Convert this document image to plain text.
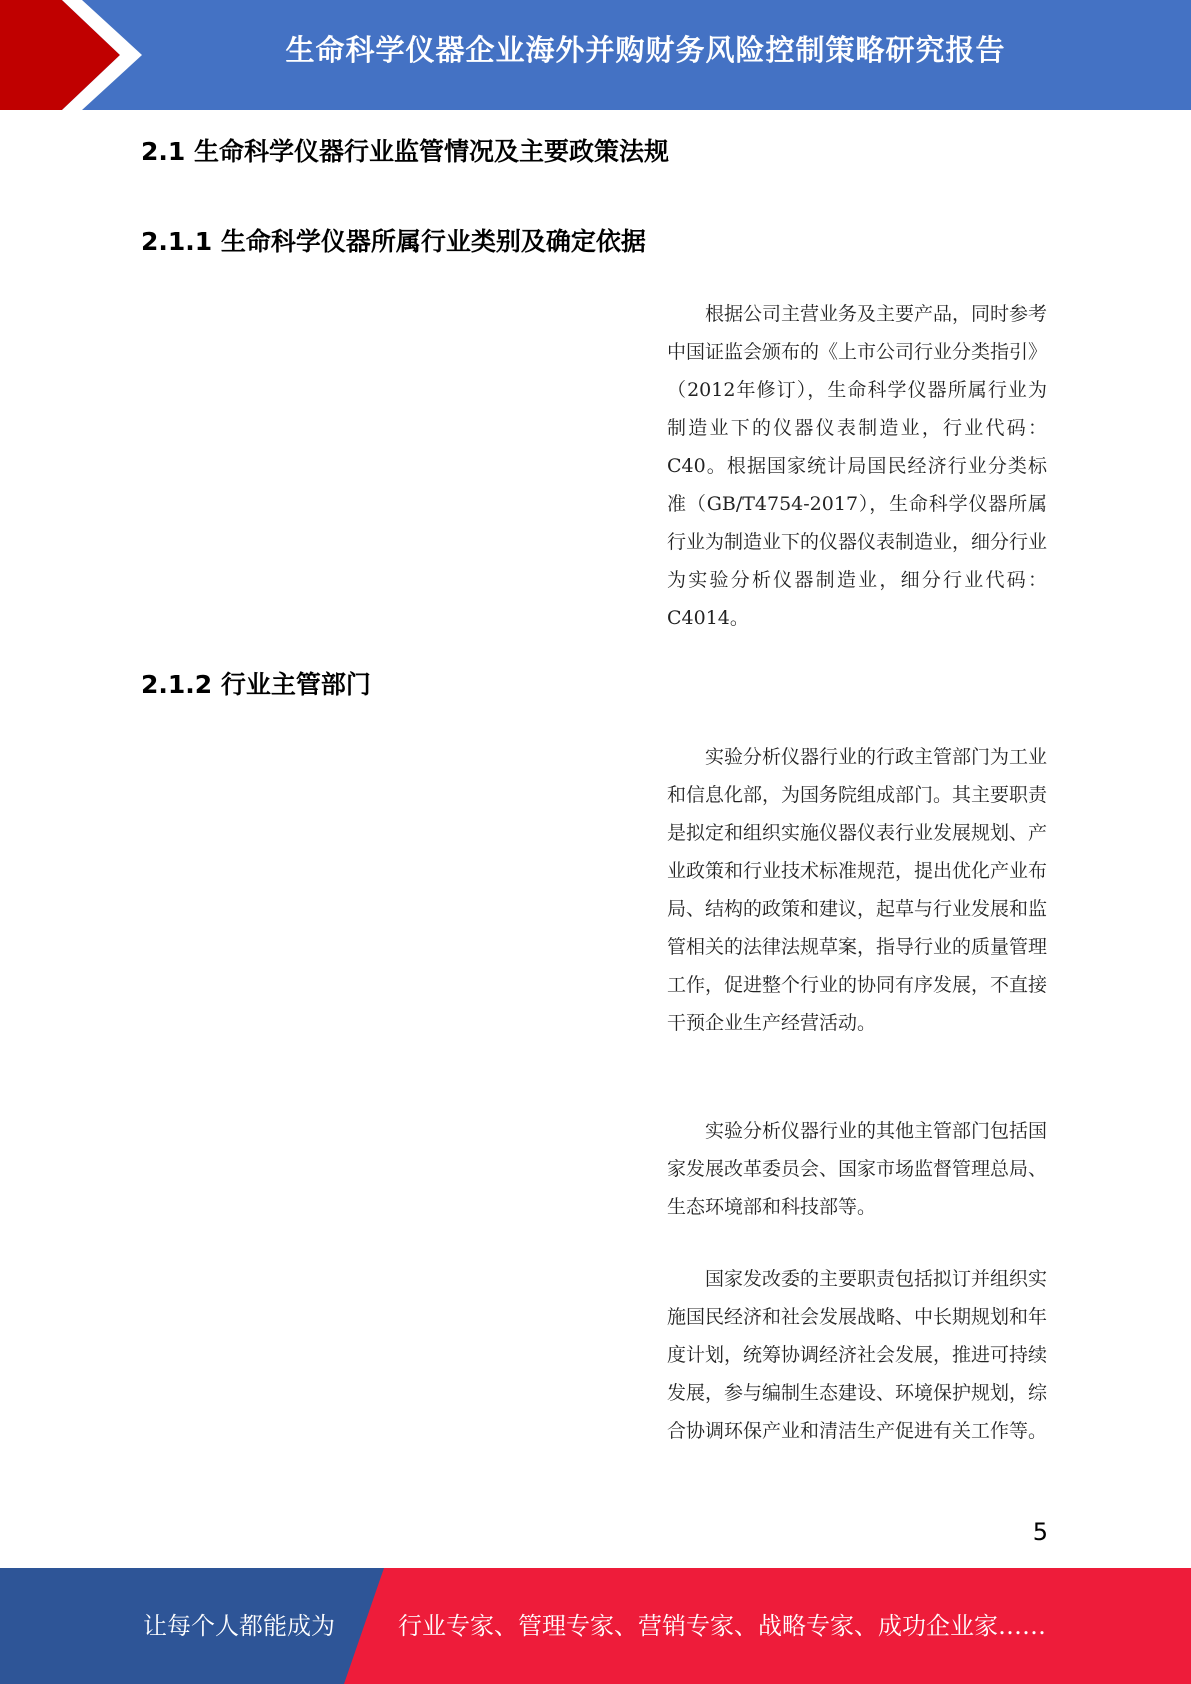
生命科学仪器企业海外并购财务风险控制策略研究报告
2.1 生命科学仪器行业监管情况及主要政策法规
2.1.1 生命科学仪器所属行业类别及确定依据

根据公司主营业务及主要产品，同时参考中国证监会颁布的《上市公司行业分类指引》（2012年修订），生命科学仪器所属行业为制造业下的仪器仪表制造业，行业代码：C40。根据国家统计局国民经济行业分类标准（GB/T4754-2017），生命科学仪器所属行业为制造业下的仪器仪表制造业，细分行业为实验分析仪器制造业，细分行业代码：C4014。

2.1.2 行业主管部门

实验分析仪器行业的行政主管部门为工业和信息化部，为国务院组成部门。其主要职责是拟定和组织实施仪器仪表行业发展规划、产业政策和行业技术标准规范，提出优化产业布局、结构的政策和建议，起草与行业发展和监管相关的法律法规草案，指导行业的质量管理工作，促进整个行业的协同有序发展，不直接干预企业生产经营活动。

实验分析仪器行业的其他主管部门包括国家发展改革委员会、国家市场监督管理总局、生态环境部和科技部等。

国家发改委的主要职责包括拟订并组织实施国民经济和社会发展战略、中长期规划和年度计划，统筹协调经济社会发展，推进可持续发展，参与编制生态建设、环境保护规划，综合协调环保产业和清洁生产促进有关工作等。

5
让每个人都能成为	行业专家、管理专家、营销专家、战略专家、成功企业家……
